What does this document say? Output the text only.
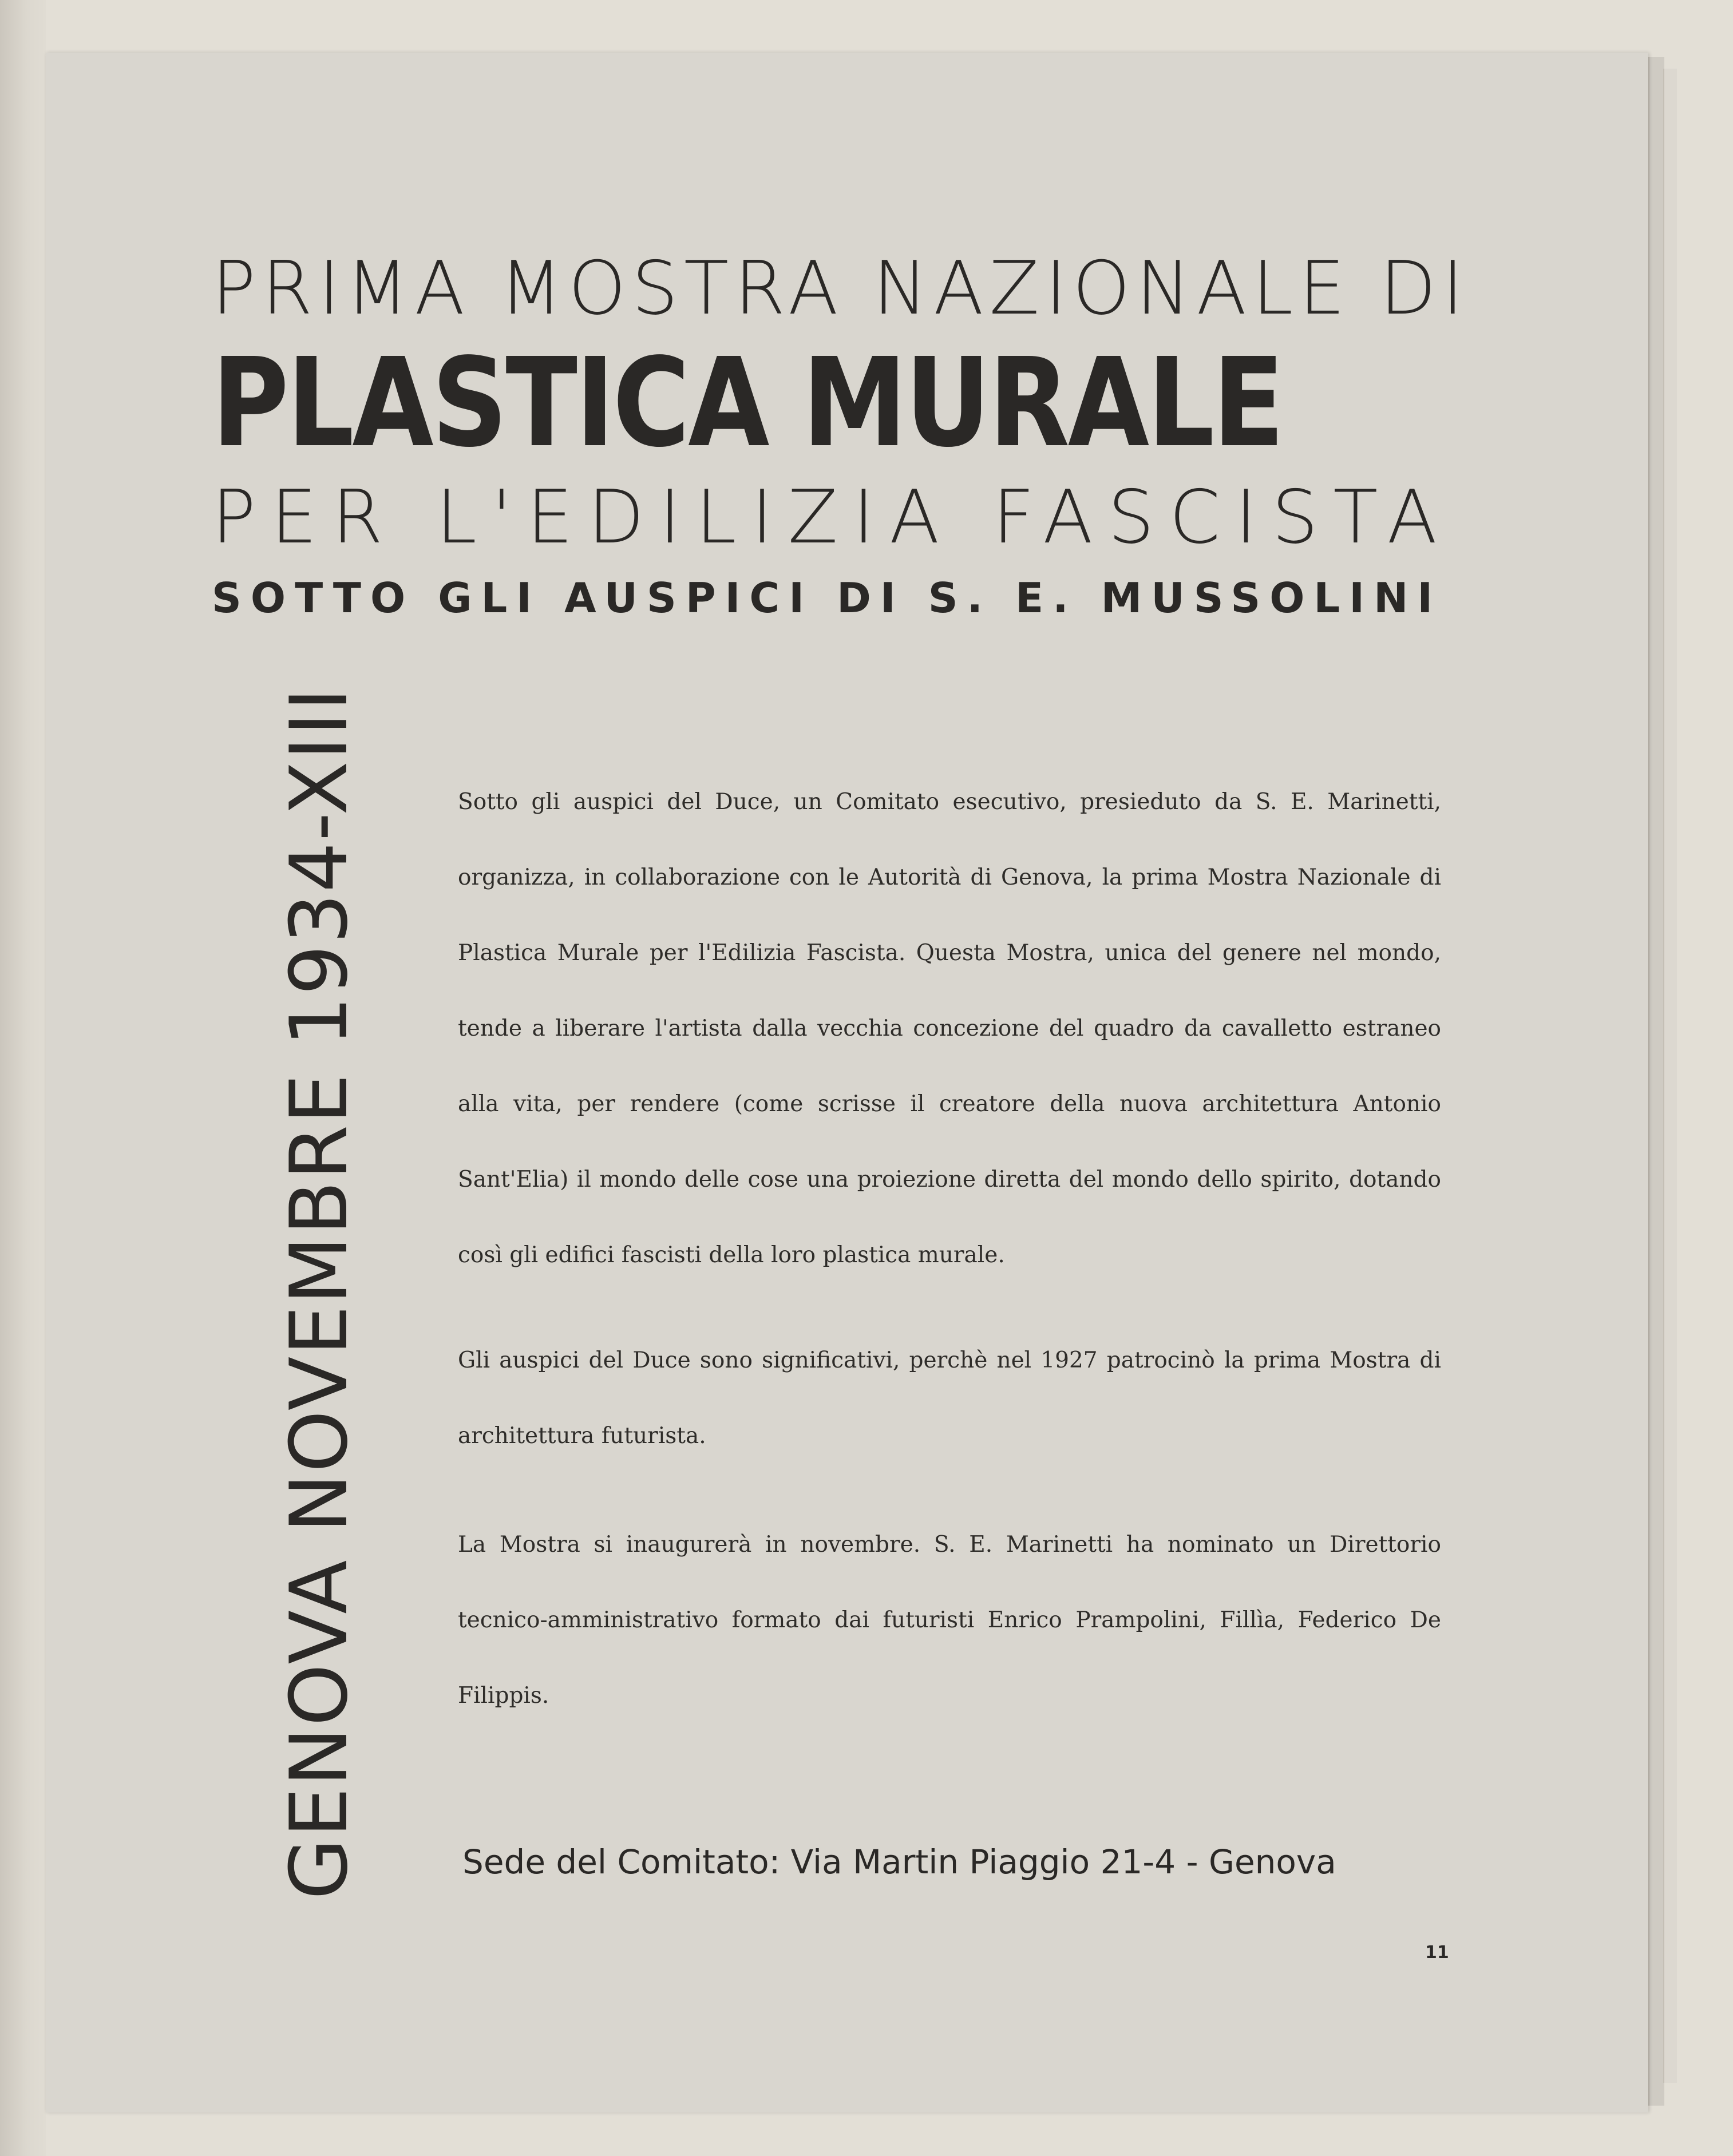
PRIMA MOSTRA NAZIONALE DI
PLASTICA MURALE
PER L'EDILIZIA FASCISTA
SOTTO GLI AUSPICI DI S. E. MUSSOLINI
GENOVA NOVEMBRE 1934-XIII	Sotto gli auspici del Duce, un Comitato esecutivo, presieduto da S. E. Marinetti, organizza, in collaborazione con le Autorità di Genova, la prima Mostra Nazionale di Plastica Murale per l'Edilizia Fascista. Questa Mostra, unica del genere nel mondo, tende a liberare l'artista dalla vecchia concezione del quadro da cavalletto estraneo alla vita, per rendere (come scrisse il creatore della nuova architettura Antonio Sant'Elia) il mondo delle cose una proiezione diretta del mondo dello spirito, dotando così gli edifici fascisti della loro plastica murale.
Gli auspici del Duce sono significativi, perchè nel 1927 patrocinò la prima Mostra di architettura futurista.
La Mostra si inaugurerà in novembre. S. E. Marinetti ha nominato un Direttorio tecnico-amministrativo formato dai futuristi Enrico Prampolini, Fillìa, Federico De Filippis.
Sede del Comitato: Via Martin Piaggio 21-4 - Genova
11
